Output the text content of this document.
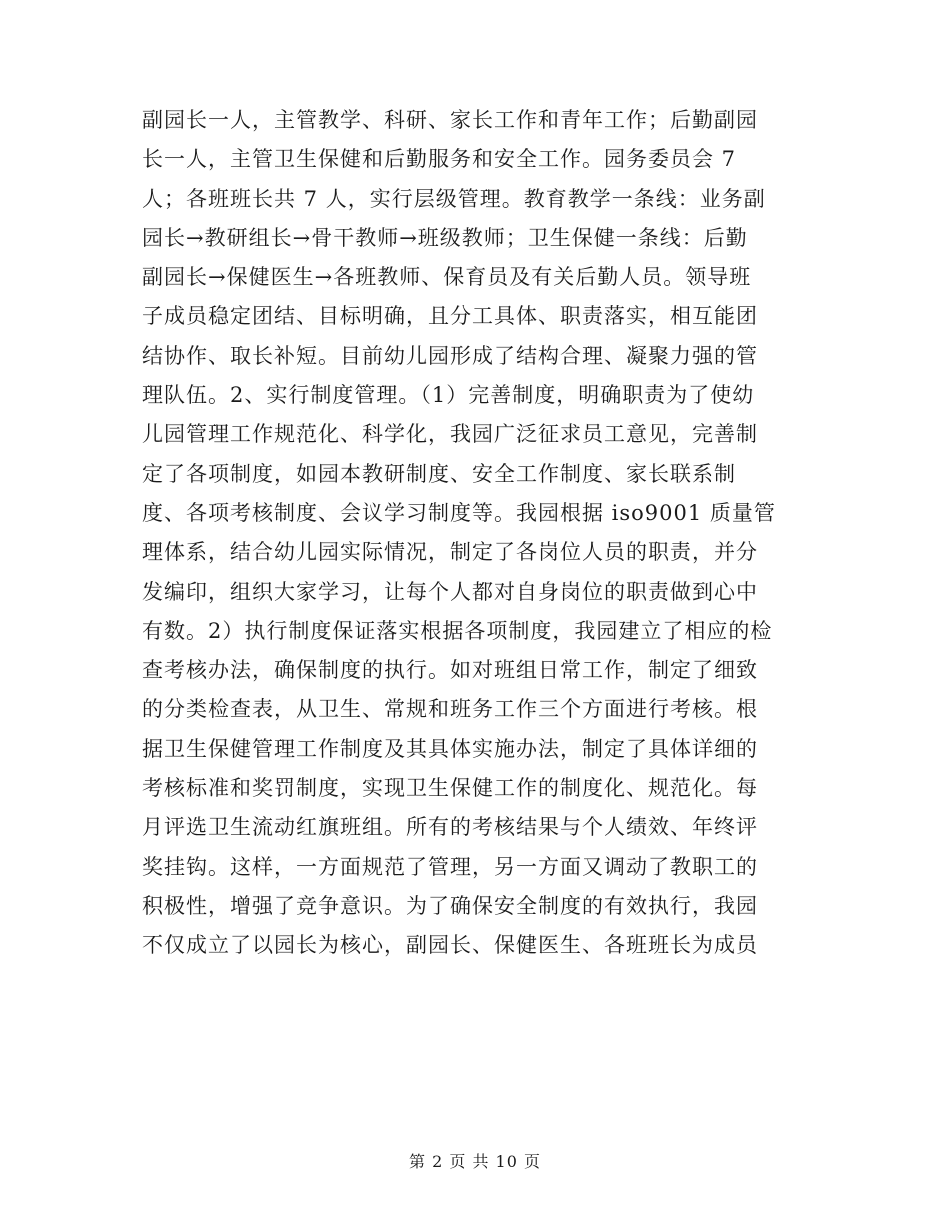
副园长一人，主管教学、科研、家长工作和青年工作；后勤副园
长一人，主管卫生保健和后勤服务和安全工作。园务委员会 7
人；各班班长共 7 人，实行层级管理。教育教学一条线：业务副
园长→教研组长→骨干教师→班级教师；卫生保健一条线：后勤
副园长→保健医生→各班教师、保育员及有关后勤人员。领导班
子成员稳定团结、目标明确，且分工具体、职责落实，相互能团
结协作、取长补短。目前幼儿园形成了结构合理、凝聚力强的管
理队伍。2、实行制度管理。（1）完善制度，明确职责为了使幼
儿园管理工作规范化、科学化，我园广泛征求员工意见，完善制
定了各项制度，如园本教研制度、安全工作制度、家长联系制
度、各项考核制度、会议学习制度等。我园根据 iso9001 质量管
理体系，结合幼儿园实际情况，制定了各岗位人员的职责，并分
发编印，组织大家学习，让每个人都对自身岗位的职责做到心中
有数。2）执行制度保证落实根据各项制度，我园建立了相应的检
查考核办法，确保制度的执行。如对班组日常工作，制定了细致
的分类检查表，从卫生、常规和班务工作三个方面进行考核。根
据卫生保健管理工作制度及其具体实施办法，制定了具体详细的
考核标准和奖罚制度，实现卫生保健工作的制度化、规范化。每
月评选卫生流动红旗班组。所有的考核结果与个人绩效、年终评
奖挂钩。这样，一方面规范了管理，另一方面又调动了教职工的
积极性，增强了竞争意识。为了确保安全制度的有效执行，我园
不仅成立了以园长为核心，副园长、保健医生、各班班长为成员
第 2 页 共 10 页
